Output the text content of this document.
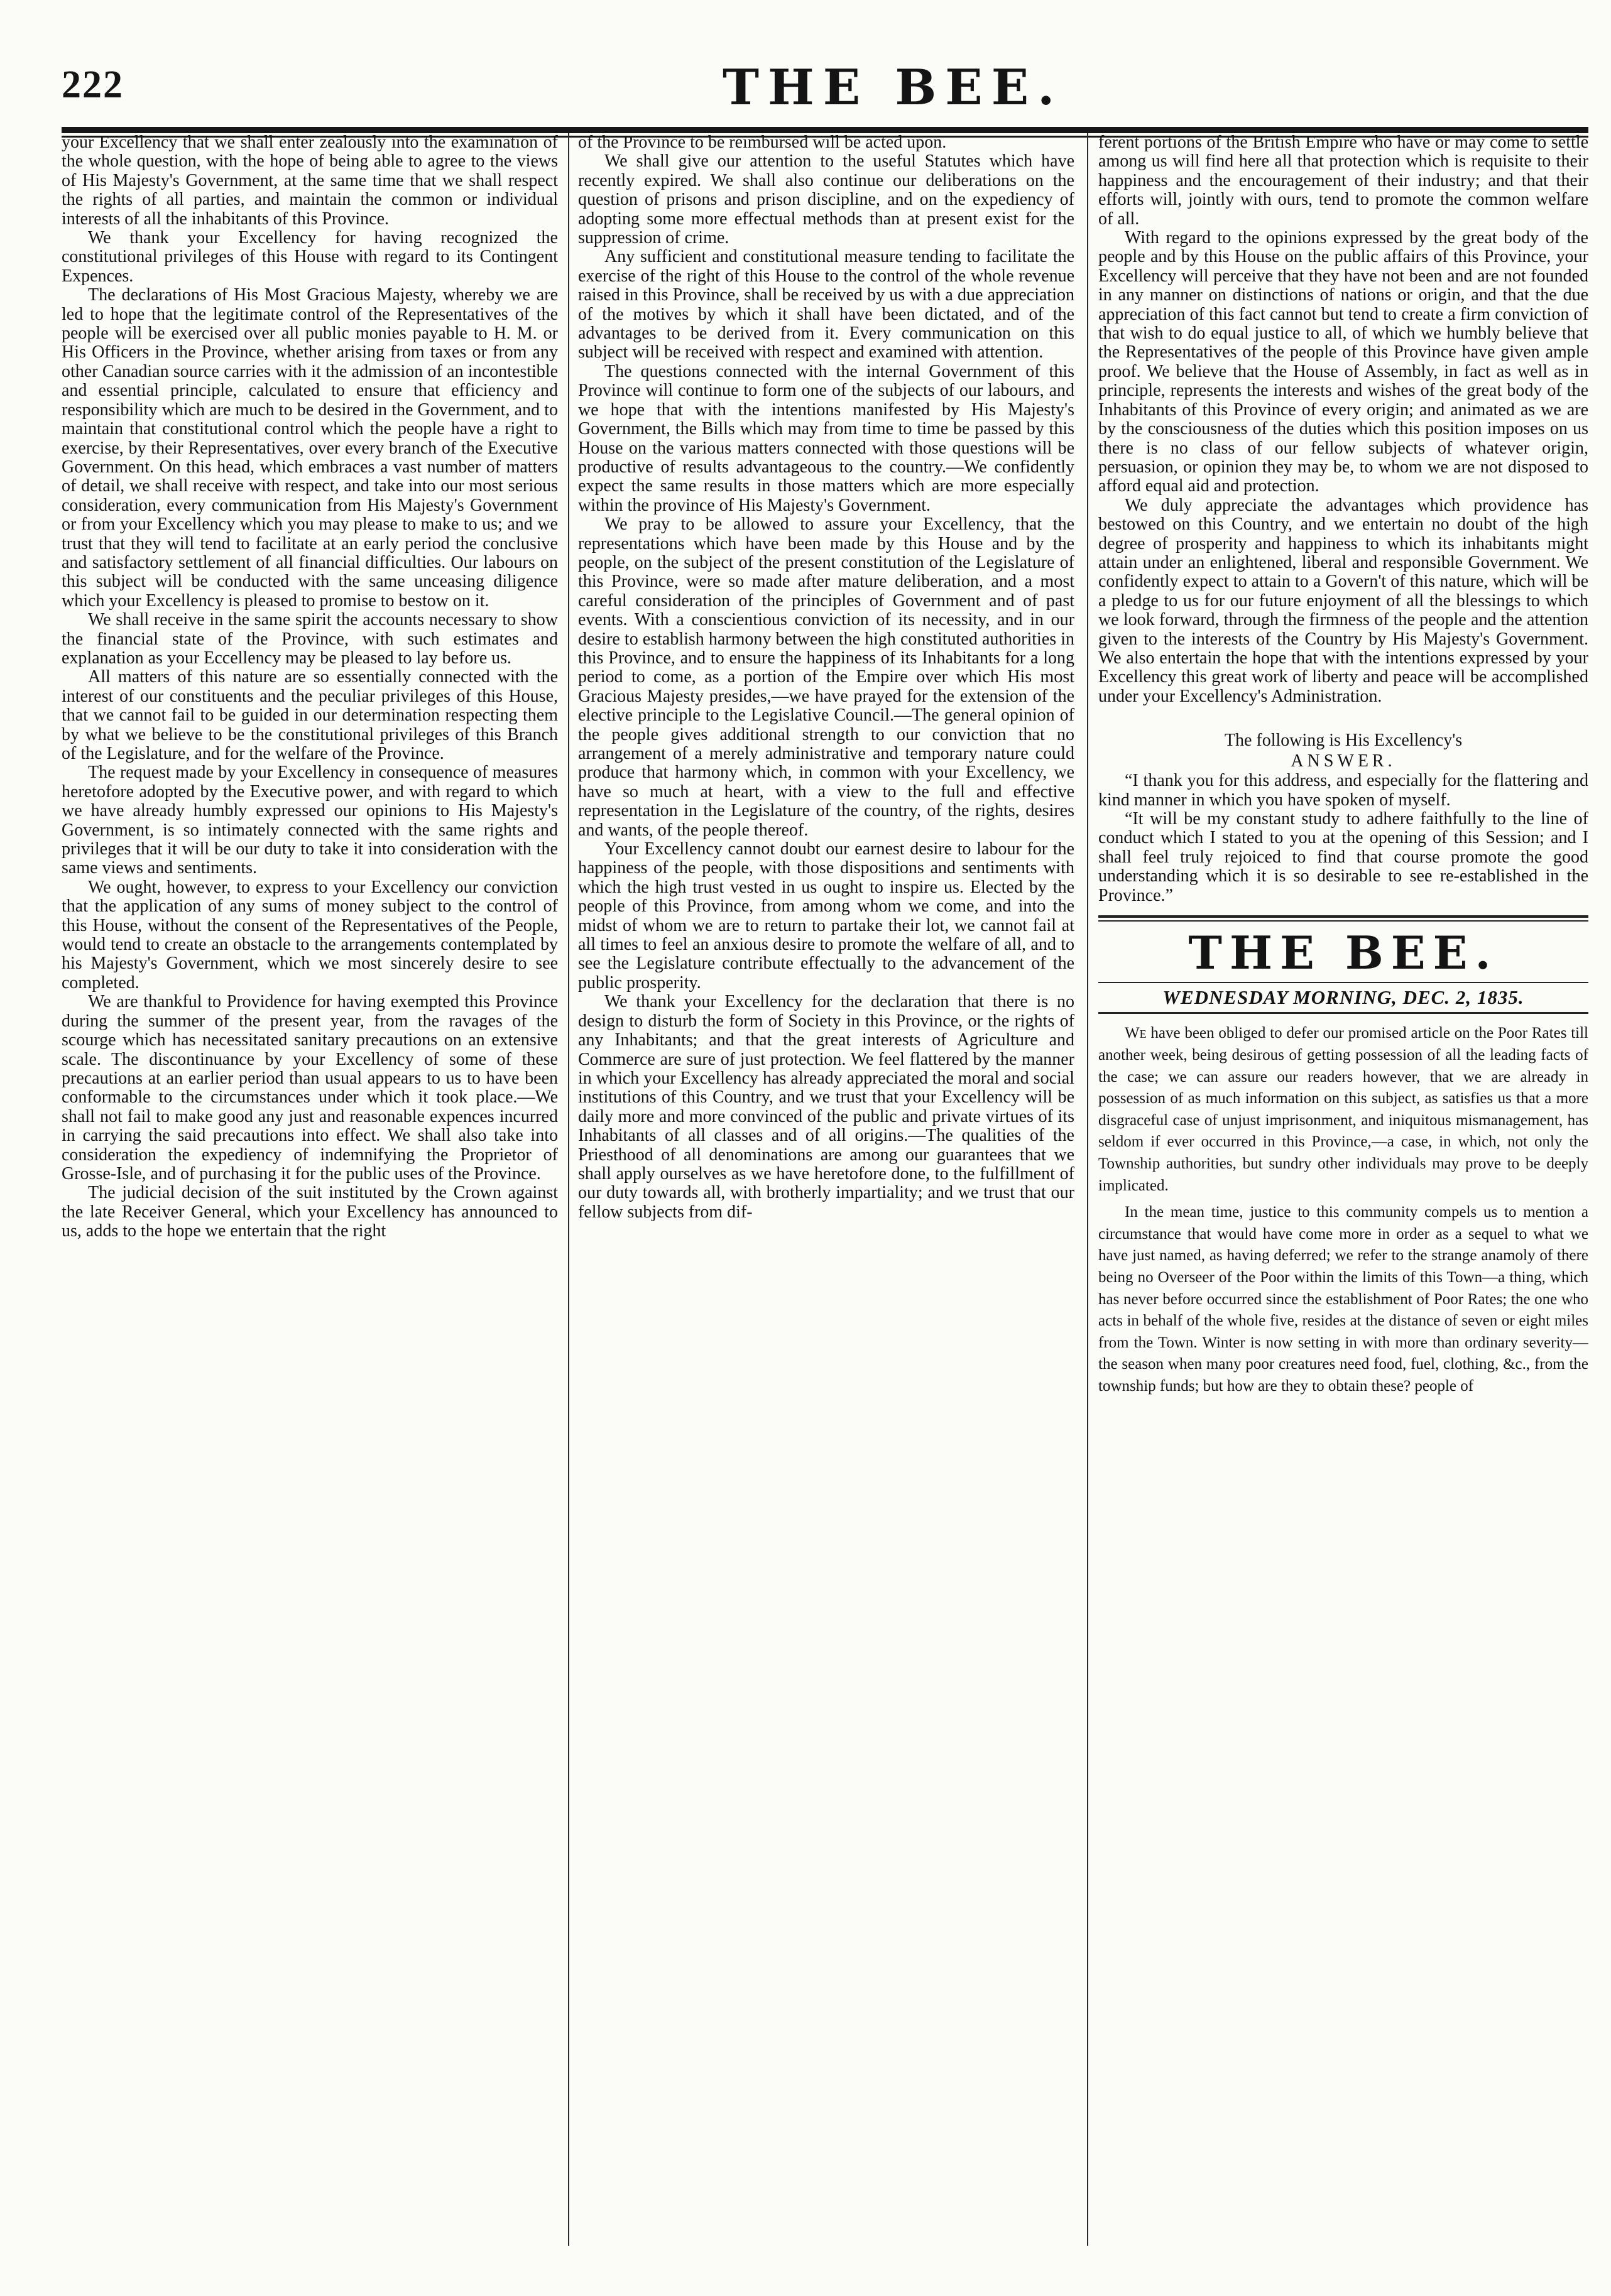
222	THE BEE.

your Excellency that we shall enter zealously into the examination of the whole question, with the hope of being able to agree to the views of His Majesty's Government, at the same time that we shall respect the rights of all parties, and maintain the common or individual interests of all the inhabitants of this Province.

We thank your Excellency for having recognized the constitutional privileges of this House with regard to its Contingent Expences.

The declarations of His Most Gracious Majesty, whereby we are led to hope that the legitimate control of the Representatives of the people will be exercised over all public monies payable to H. M. or His Officers in the Province, whether arising from taxes or from any other Canadian source carries with it the admission of an incontestible and essential principle, calculated to ensure that efficiency and responsibility which are much to be desired in the Government, and to maintain that constitutional control which the people have a right to exercise, by their Representatives, over every branch of the Executive Government. On this head, which embraces a vast number of matters of detail, we shall receive with respect, and take into our most serious consideration, every communication from His Majesty's Government or from your Excellency which you may please to make to us; and we trust that they will tend to facilitate at an early period the conclusive and satisfactory settlement of all financial difficulties. Our labours on this subject will be conducted with the same unceasing diligence which your Excellency is pleased to promise to bestow on it.

We shall receive in the same spirit the accounts necessary to show the financial state of the Province, with such estimates and explanation as your Eccellency may be pleased to lay before us.

All matters of this nature are so essentially connected with the interest of our constituents and the peculiar privileges of this House, that we cannot fail to be guided in our determination respecting them by what we believe to be the constitutional privileges of this Branch of the Legislature, and for the welfare of the Province.

The request made by your Excellency in consequence of measures heretofore adopted by the Executive power, and with regard to which we have already humbly expressed our opinions to His Majesty's Government, is so intimately connected with the same rights and privileges that it will be our duty to take it into consideration with the same views and sentiments.

We ought, however, to express to your Excellency our conviction that the application of any sums of money subject to the control of this House, without the consent of the Representatives of the People, would tend to create an obstacle to the arrangements contemplated by his Majesty's Government, which we most sincerely desire to see completed.

We are thankful to Providence for having exempted this Province during the summer of the present year, from the ravages of the scourge which has necessitated sanitary precautions on an extensive scale. The discontinuance by your Excellency of some of these precautions at an earlier period than usual appears to us to have been conformable to the circumstances under which it took place.—We shall not fail to make good any just and reasonable expences incurred in carrying the said precautions into effect. We shall also take into consideration the expediency of indemnifying the Proprietor of Grosse-Isle, and of purchasing it for the public uses of the Province.

The judicial decision of the suit instituted by the Crown against the late Receiver General, which your Excellency has announced to us, adds to the hope we entertain that the right

of the Province to be reimbursed will be acted upon.

We shall give our attention to the useful Statutes which have recently expired. We shall also continue our deliberations on the question of prisons and prison discipline, and on the expediency of adopting some more effectual methods than at present exist for the suppression of crime.

Any sufficient and constitutional measure tending to facilitate the exercise of the right of this House to the control of the whole revenue raised in this Province, shall be received by us with a due appreciation of the motives by which it shall have been dictated, and of the advantages to be derived from it. Every communication on this subject will be received with respect and examined with attention.

The questions connected with the internal Government of this Province will continue to form one of the subjects of our labours, and we hope that with the intentions manifested by His Majesty's Government, the Bills which may from time to time be passed by this House on the various matters connected with those questions will be productive of results advantageous to the country.—We confidently expect the same results in those matters which are more especially within the province of His Majesty's Government.

We pray to be allowed to assure your Excellency, that the representations which have been made by this House and by the people, on the subject of the present constitution of the Legislature of this Province, were so made after mature deliberation, and a most careful consideration of the principles of Government and of past events. With a conscientious conviction of its necessity, and in our desire to establish harmony between the high constituted authorities in this Province, and to ensure the happiness of its Inhabitants for a long period to come, as a portion of the Empire over which His most Gracious Majesty presides,—we have prayed for the extension of the elective principle to the Legislative Council.—The general opinion of the people gives additional strength to our conviction that no arrangement of a merely administrative and temporary nature could produce that harmony which, in common with your Excellency, we have so much at heart, with a view to the full and effective representation in the Legislature of the country, of the rights, desires and wants, of the people thereof.

Your Excellency cannot doubt our earnest desire to labour for the happiness of the people, with those dispositions and sentiments with which the high trust vested in us ought to inspire us. Elected by the people of this Province, from among whom we come, and into the midst of whom we are to return to partake their lot, we cannot fail at all times to feel an anxious desire to promote the welfare of all, and to see the Legislature contribute effectually to the advancement of the public prosperity.

We thank your Excellency for the declaration that there is no design to disturb the form of Society in this Province, or the rights of any Inhabitants; and that the great interests of Agriculture and Commerce are sure of just protection. We feel flattered by the manner in which your Excellency has already appreciated the moral and social institutions of this Country, and we trust that your Excellency will be daily more and more convinced of the public and private virtues of its Inhabitants of all classes and of all origins.—The qualities of the Priesthood of all denominations are among our guarantees that we shall apply ourselves as we have heretofore done, to the fulfillment of our duty towards all, with brotherly impartiality; and we trust that our fellow subjects from dif-

ferent portions of the British Empire who have or may come to settle among us will find here all that protection which is requisite to their happiness and the encouragement of their industry; and that their efforts will, jointly with ours, tend to promote the common welfare of all.

With regard to the opinions expressed by the great body of the people and by this House on the public affairs of this Province, your Excellency will perceive that they have not been and are not founded in any manner on distinctions of nations or origin, and that the due appreciation of this fact cannot but tend to create a firm conviction of that wish to do equal justice to all, of which we humbly believe that the Representatives of the people of this Province have given ample proof. We believe that the House of Assembly, in fact as well as in principle, represents the interests and wishes of the great body of the Inhabitants of this Province of every origin; and animated as we are by the consciousness of the duties which this position imposes on us there is no class of our fellow subjects of whatever origin, persuasion, or opinion they may be, to whom we are not disposed to afford equal aid and protection.

We duly appreciate the advantages which providence has bestowed on this Country, and we entertain no doubt of the high degree of prosperity and happiness to which its inhabitants might attain under an enlightened, liberal and responsible Government. We confidently expect to attain to a Govern't of this nature, which will be a pledge to us for our future enjoyment of all the blessings to which we look forward, through the firmness of the people and the attention given to the interests of the Country by His Majesty's Government. We also entertain the hope that with the intentions expressed by your Excellency this great work of liberty and peace will be accomplished under your Excellency's Administration.

The following is His Excellency's
ANSWER.

“I thank you for this address, and especially for the flattering and kind manner in which you have spoken of myself.

“It will be my constant study to adhere faithfully to the line of conduct which I stated to you at the opening of this Session; and I shall feel truly rejoiced to find that course promote the good understanding which it is so desirable to see re-established in the Province.”

THE BEE.
WEDNESDAY MORNING, DEC. 2, 1835.

We have been obliged to defer our promised article on the Poor Rates till another week, being desirous of getting possession of all the leading facts of the case; we can assure our readers however, that we are already in possession of as much information on this subject, as satisfies us that a more disgraceful case of unjust imprisonment, and iniquitous mismanagement, has seldom if ever occurred in this Province,—a case, in which, not only the Township authorities, but sundry other individuals may prove to be deeply implicated.

In the mean time, justice to this community compels us to mention a circumstance that would have come more in order as a sequel to what we have just named, as having deferred; we refer to the strange anamoly of there being no Overseer of the Poor within the limits of this Town—a thing, which has never before occurred since the establishment of Poor Rates; the one who acts in behalf of the whole five, resides at the distance of seven or eight miles from the Town. Winter is now setting in with more than ordinary severity—the season when many poor creatures need food, fuel, clothing, &c., from the township funds; but how are they to obtain these? people of
